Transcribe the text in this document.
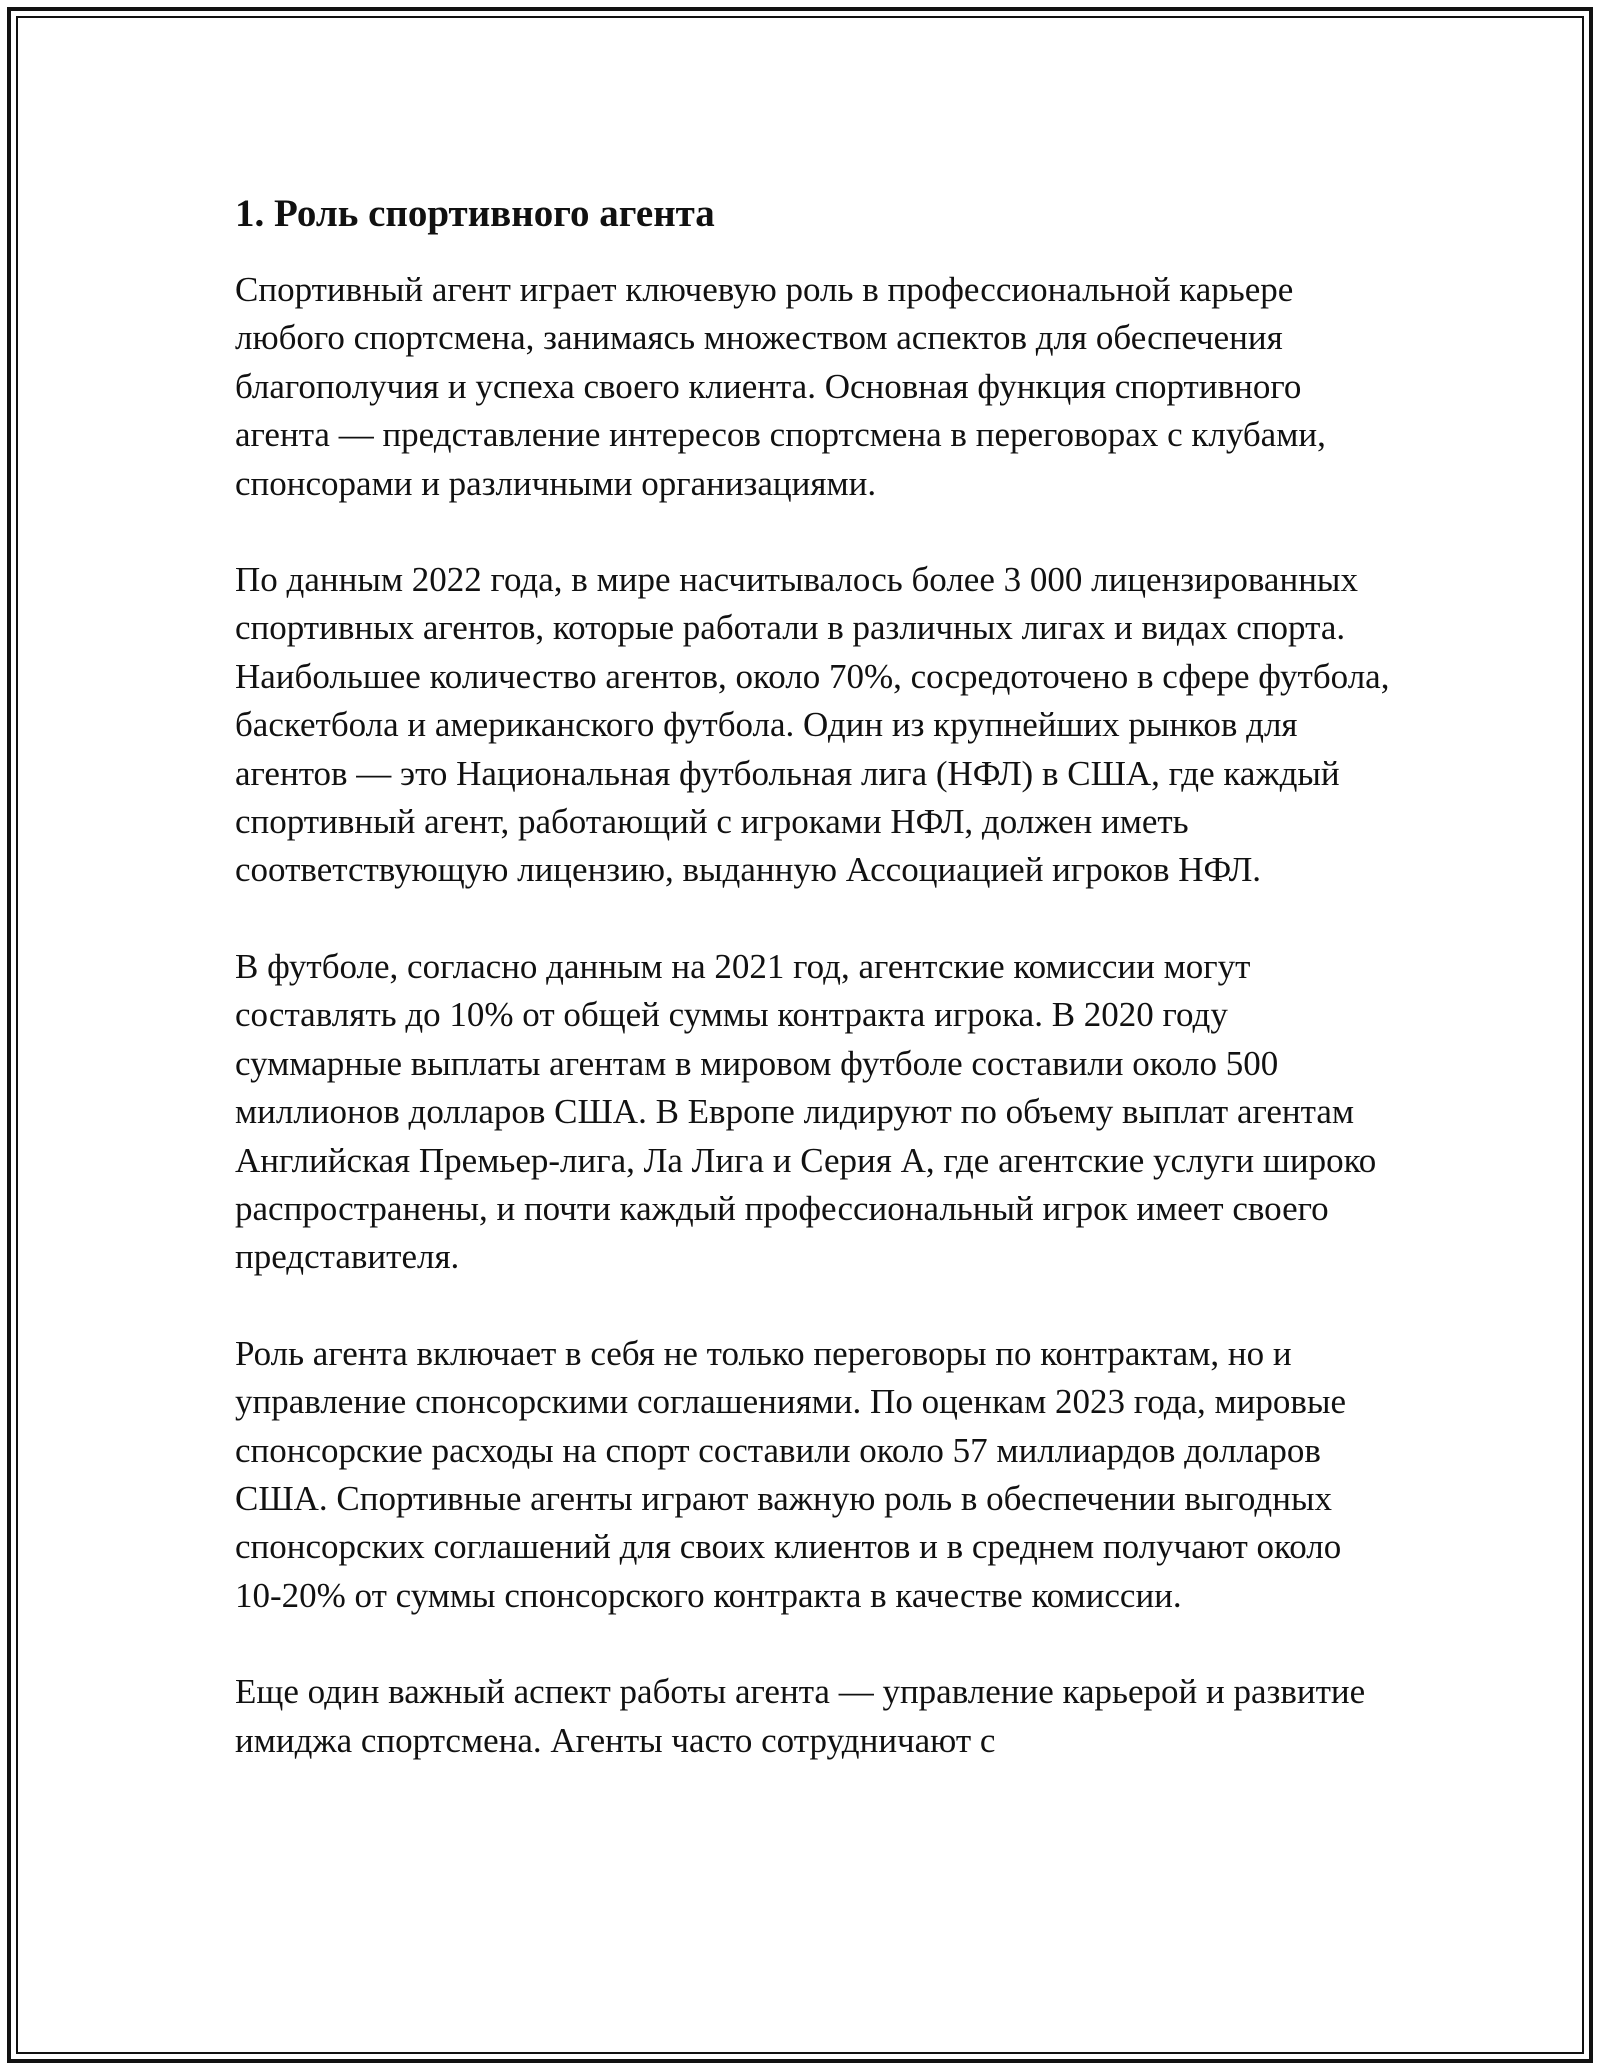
1. Роль спортивного агента

Спортивный агент играет ключевую роль в профессиональной карьере любого спортсмена, занимаясь множеством аспектов для обеспечения благополучия и успеха своего клиента. Основная функция спортивного агента — представление интересов спортсмена в переговорах с клубами, спонсорами и различными организациями.

По данным 2022 года, в мире насчитывалось более 3 000 лицензированных спортивных агентов, которые работали в различных лигах и видах спорта. Наибольшее количество агентов, около 70%, сосредоточено в сфере футбола, баскетбола и американского футбола. Один из крупнейших рынков для агентов — это Национальная футбольная лига (НФЛ) в США, где каждый спортивный агент, работающий с игроками НФЛ, должен иметь соответствующую лицензию, выданную Ассоциацией игроков НФЛ.

В футболе, согласно данным на 2021 год, агентские комиссии могут составлять до 10% от общей суммы контракта игрока. В 2020 году суммарные выплаты агентам в мировом футболе составили около 500 миллионов долларов США. В Европе лидируют по объему выплат агентам Английская Премьер-лига, Ла Лига и Серия А, где агентские услуги широко распространены, и почти каждый профессиональный игрок имеет своего представителя.

Роль агента включает в себя не только переговоры по контрактам, но и управление спонсорскими соглашениями. По оценкам 2023 года, мировые спонсорские расходы на спорт составили около 57 миллиардов долларов США. Спортивные агенты играют важную роль в обеспечении выгодных спонсорских соглашений для своих клиентов и в среднем получают около 10-20% от суммы спонсорского контракта в качестве комиссии.

Еще один важный аспект работы агента — управление карьерой и развитие имиджа спортсмена. Агенты часто сотрудничают с
